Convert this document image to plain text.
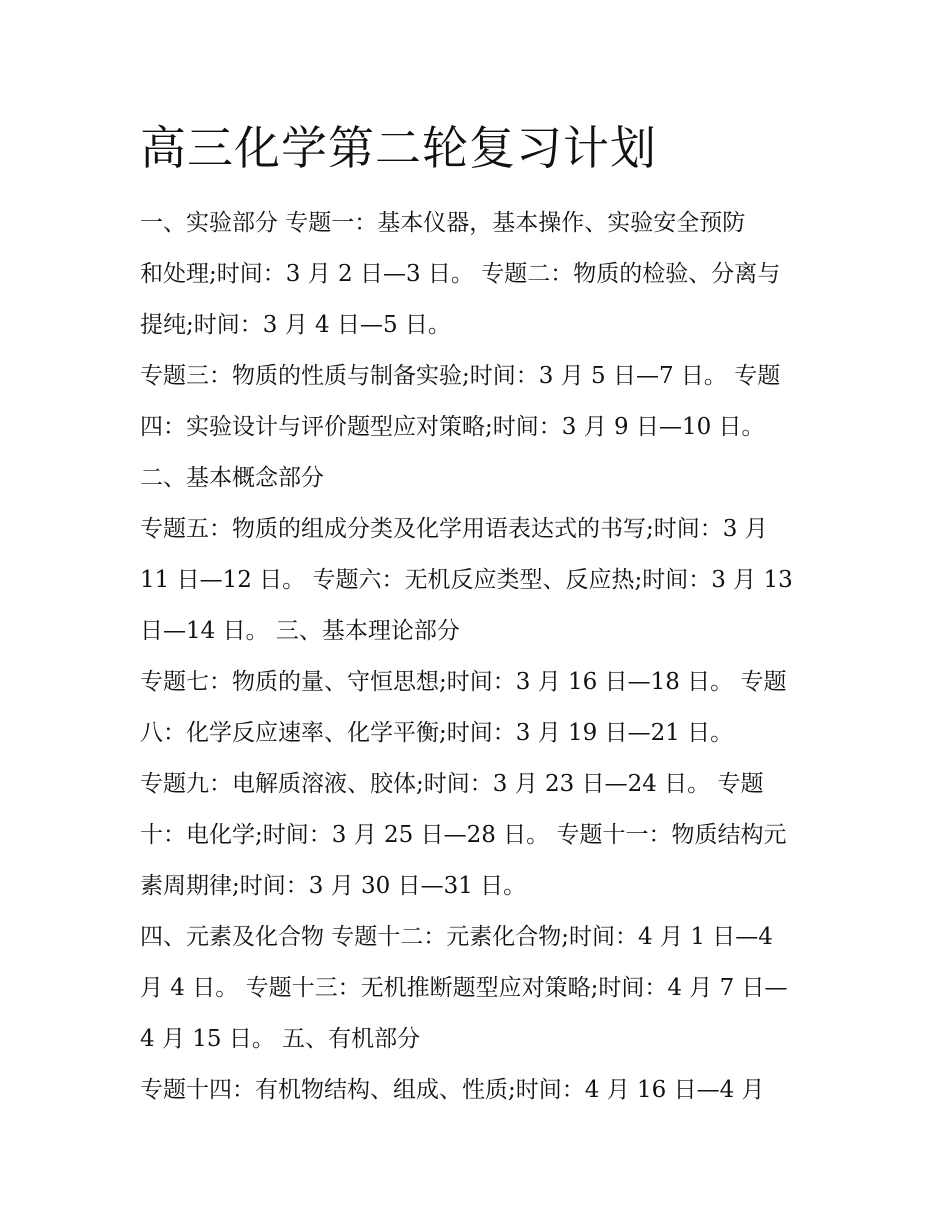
高三化学第二轮复习计划
一、实验部分 专题一：基本仪器，基本操作、实验安全预防
和处理;时间：3 月 2 日—3 日。 专题二：物质的检验、分离与
提纯;时间：3 月 4 日—5 日。
专题三：物质的性质与制备实验;时间：3 月 5 日—7 日。 专题
四：实验设计与评价题型应对策略;时间：3 月 9 日—10 日。
二、基本概念部分
专题五：物质的组成分类及化学用语表达式的书写;时间：3 月
11 日—12 日。 专题六：无机反应类型、反应热;时间：3 月 13
日—14 日。 三、基本理论部分
专题七：物质的量、守恒思想;时间：3 月 16 日—18 日。 专题
八：化学反应速率、化学平衡;时间：3 月 19 日—21 日。
专题九：电解质溶液、胶体;时间：3 月 23 日—24 日。 专题
十：电化学;时间：3 月 25 日—28 日。 专题十一：物质结构元
素周期律;时间：3 月 30 日—31 日。
四、元素及化合物 专题十二：元素化合物;时间：4 月 1 日—4
月 4 日。 专题十三：无机推断题型应对策略;时间：4 月 7 日—
4 月 15 日。 五、有机部分
专题十四：有机物结构、组成、性质;时间：4 月 16 日—4 月
